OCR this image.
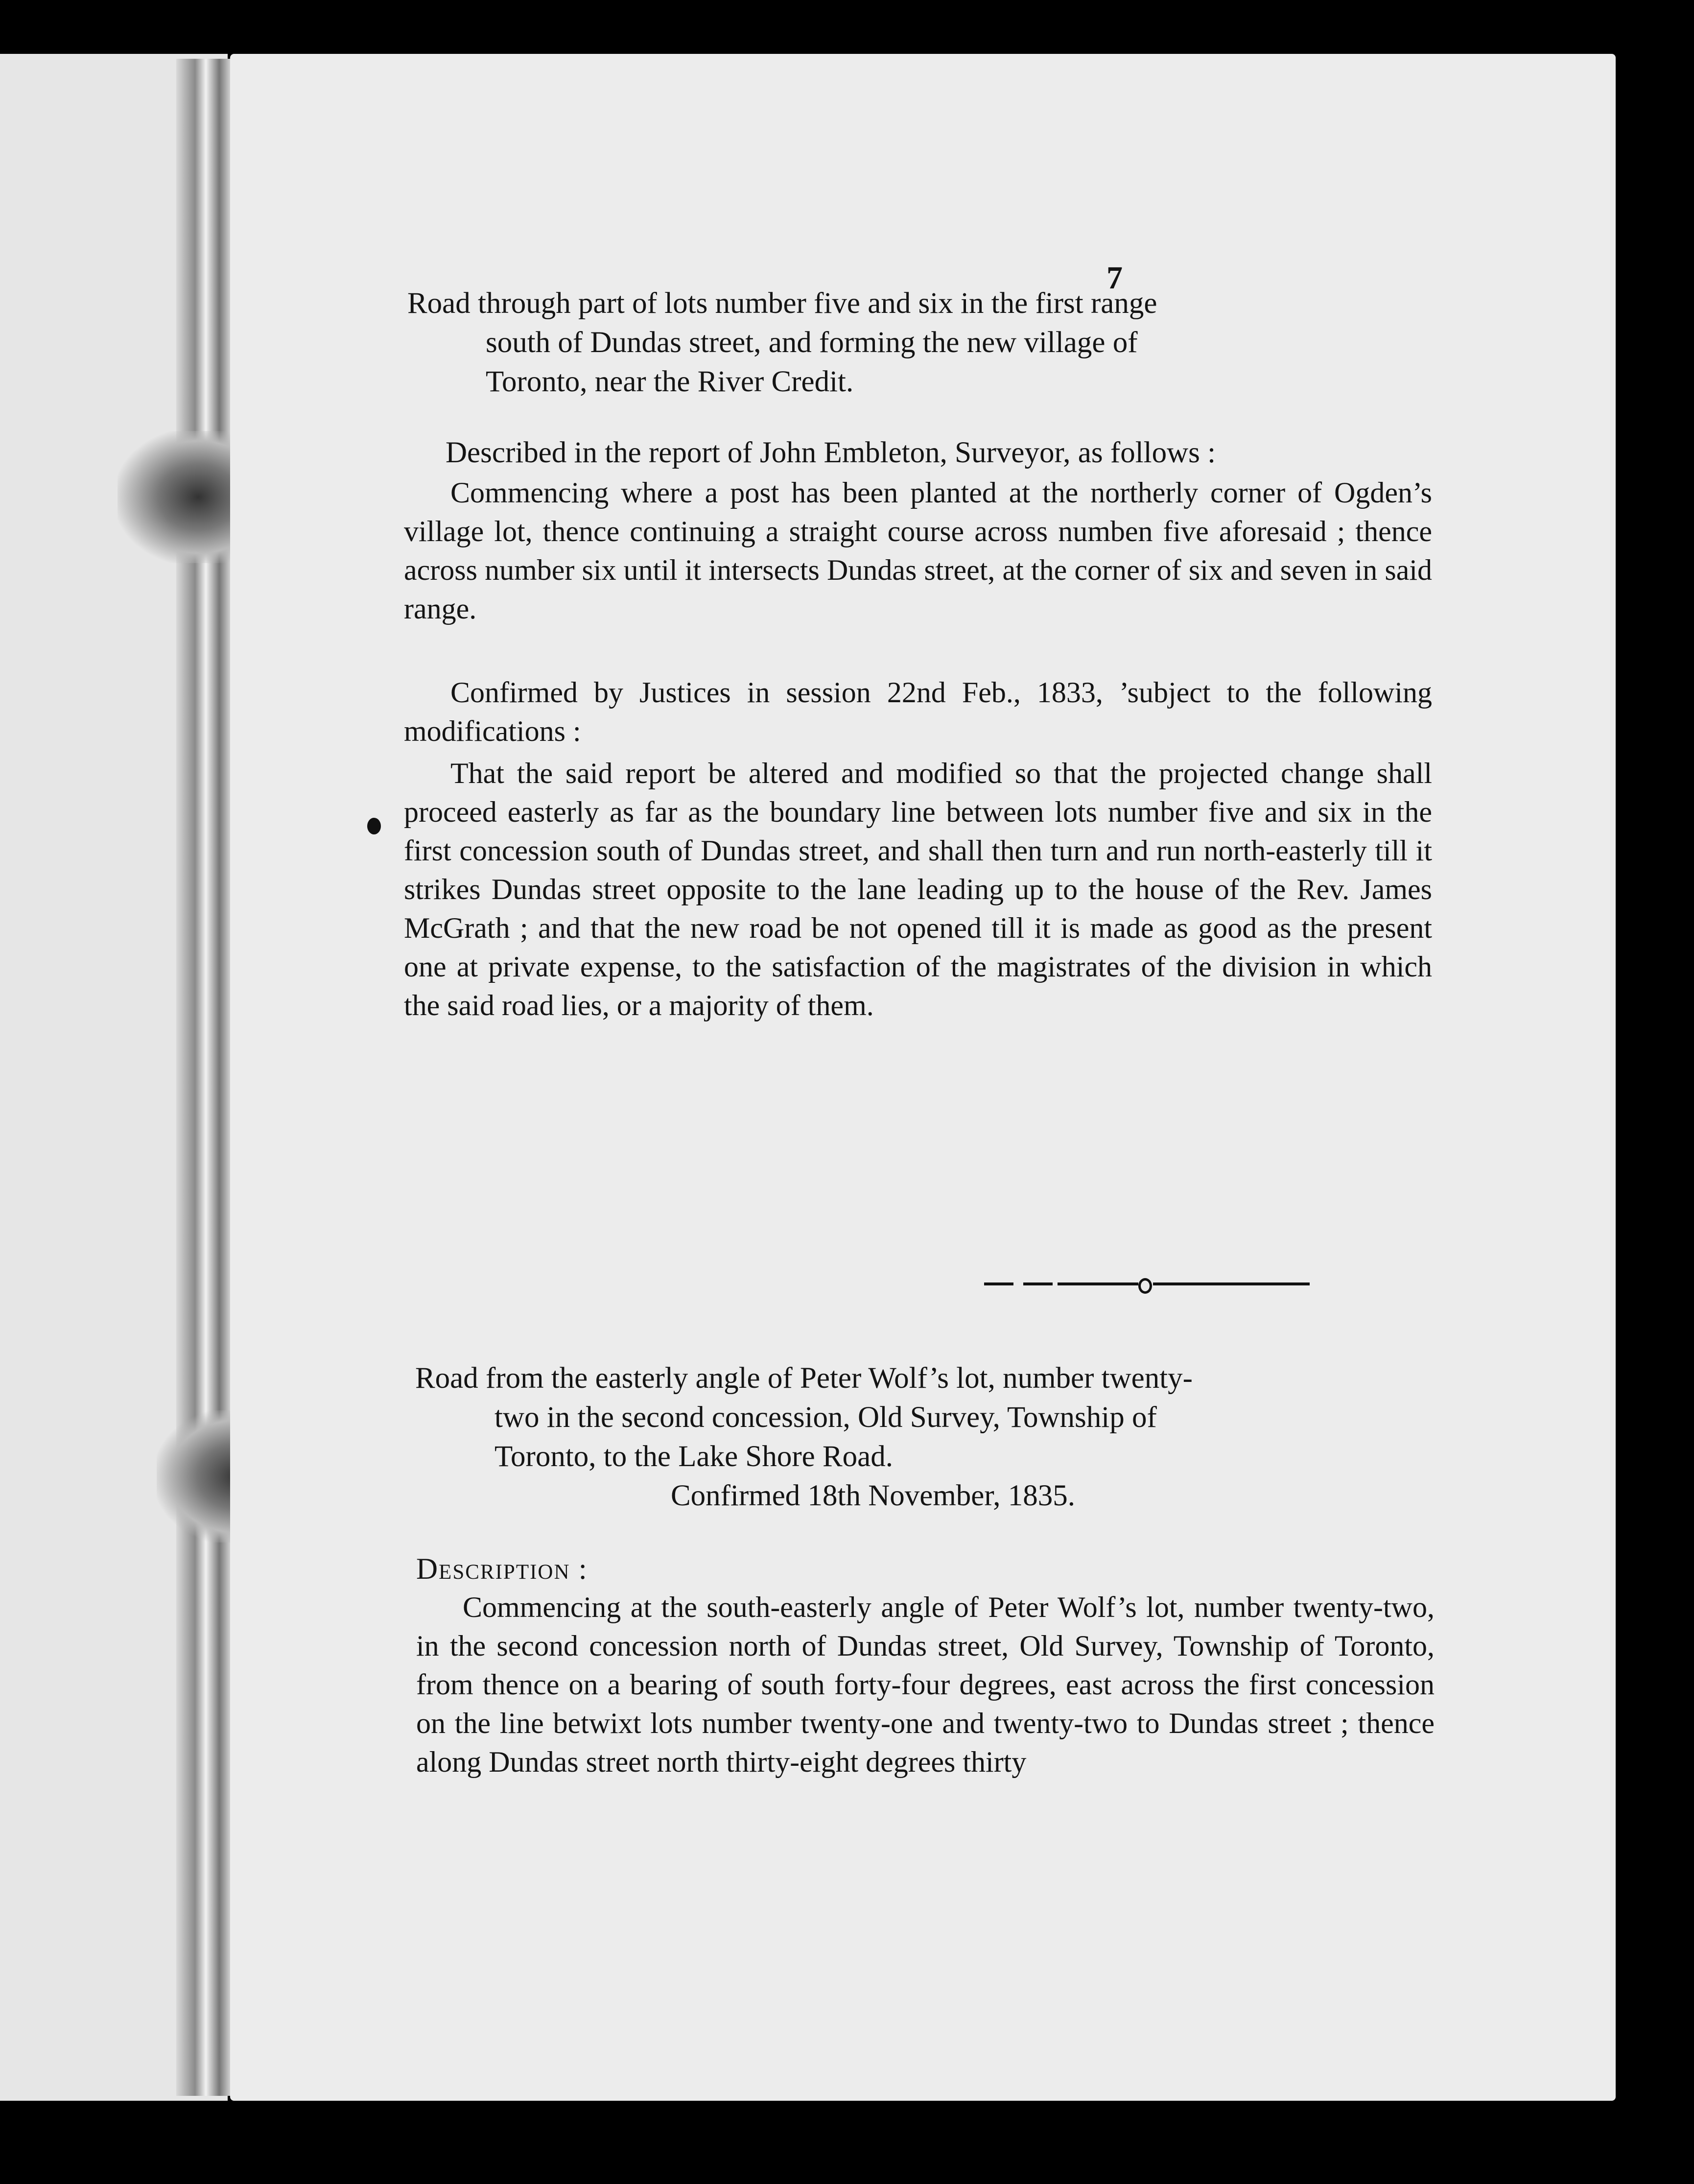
7
Road through part of lots number five and six in the first range
south of Dundas street, and forming the new village of
Toronto, near the River Credit.
Described in the report of John Embleton, Surveyor, as follows :
Commencing where a post has been planted at the northerly corner of Ogden’s village lot, thence continuing a straight course across numben five aforesaid ; thence across number six until it intersects Dundas street, at the corner of six and seven in said range.
Confirmed by Justices in session 22nd Feb., 1833, ’subject to the following modifications :
That the said report be altered and modified so that the projected change shall proceed easterly as far as the boundary line between lots number five and six in the first concession south of Dundas street, and shall then turn and run north-easterly till it strikes Dundas street opposite to the lane leading up to the house of the Rev. James McGrath ; and that the new road be not opened till it is made as good as the present one at private expense, to the satisfaction of the magistrates of the division in which the said road lies, or a majority of them.
Road from the easterly angle of Peter Wolf’s lot, number twenty-
two in the second concession, Old Survey, Township of
Toronto, to the Lake Shore Road.
Confirmed 18th November, 1835.
Description :
Commencing at the south-easterly angle of Peter Wolf’s lot, number twenty-two, in the second concession north of Dundas street, Old Survey, Township of Toronto, from thence on a bearing of south forty-four degrees, east across the first concession on the line betwixt lots number twenty-one and twenty-two to Dundas street ; thence along Dundas street north thirty-eight degrees thirty
